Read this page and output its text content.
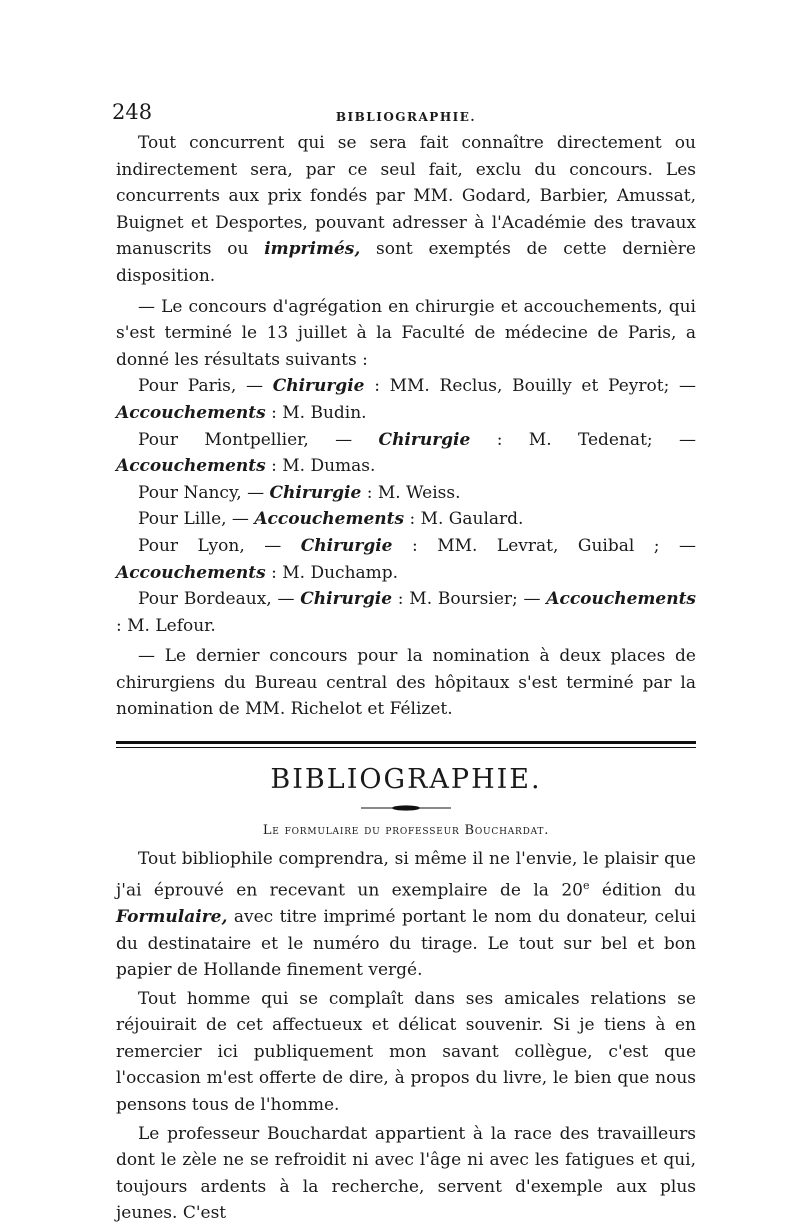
248	BIBLIOGRAPHIE.

Tout concurrent qui se sera fait connaître directement ou indirectement sera, par ce seul fait, exclu du concours. Les concurrents aux prix fondés par MM. Godard, Barbier, Amussat, Buignet et Desportes, pouvant adresser à l'Académie des travaux manuscrits ou imprimés, sont exemptés de cette dernière disposition.

— Le concours d'agrégation en chirurgie et accouchements, qui s'est terminé le 13 juillet à la Faculté de médecine de Paris, a donné les résultats suivants :

Pour Paris, — Chirurgie : MM. Reclus, Bouilly et Peyrot; — Accouchements : M. Budin.

Pour Montpellier, — Chirurgie : M. Tedenat; — Accouchements : M. Dumas.

Pour Nancy, — Chirurgie : M. Weiss.

Pour Lille, — Accouchements : M. Gaulard.

Pour Lyon, — Chirurgie : MM. Levrat, Guibal ; — Accouchements : M. Duchamp.

Pour Bordeaux, — Chirurgie : M. Boursier; — Accouchements : M. Lefour.

— Le dernier concours pour la nomination à deux places de chirurgiens du Bureau central des hôpitaux s'est terminé par la nomination de MM. Richelot et Félizet.

BIBLIOGRAPHIE.
Le formulaire du professeur Bouchardat.

Tout bibliophile comprendra, si même il ne l'envie, le plaisir que j'ai éprouvé en recevant un exemplaire de la 20e édition du Formulaire, avec titre imprimé portant le nom du donateur, celui du destinataire et le numéro du tirage. Le tout sur bel et bon papier de Hollande finement vergé.

Tout homme qui se complaît dans ses amicales relations se réjouirait de cet affectueux et délicat souvenir. Si je tiens à en remercier ici publiquement mon savant collègue, c'est que l'occasion m'est offerte de dire, à propos du livre, le bien que nous pensons tous de l'homme.

Le professeur Bouchardat appartient à la race des travailleurs dont le zèle ne se refroidit ni avec l'âge ni avec les fatigues et qui, toujours ardents à la recherche, servent d'exemple aux plus jeunes. C'est
